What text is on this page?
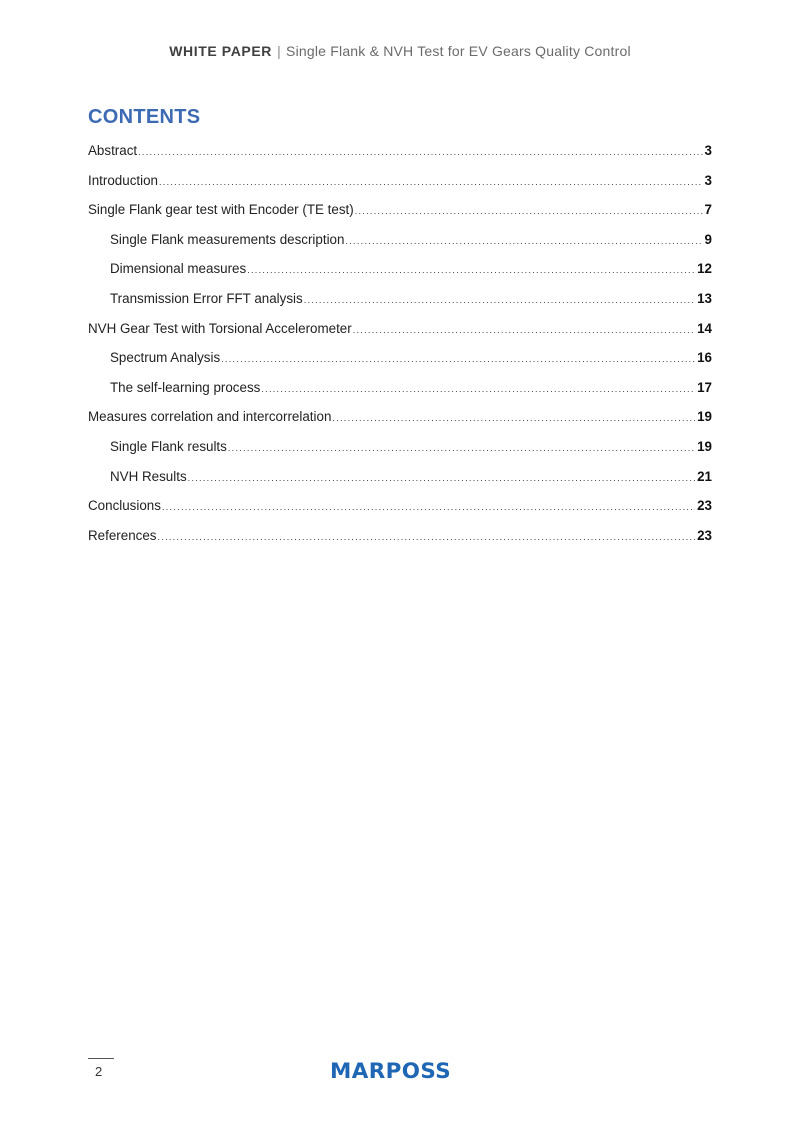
WHITE PAPER | Single Flank & NVH Test for EV Gears Quality Control
CONTENTS
Abstract .....	3
Introduction .....	3
Single Flank gear test with Encoder (TE test) .....	7
Single Flank measurements description .....	9
Dimensional measures .....	12
Transmission Error FFT analysis .....	13
NVH Gear Test with Torsional Accelerometer .....	14
Spectrum Analysis .....	16
The self-learning process .....	17
Measures correlation and intercorrelation .....	19
Single Flank results .....	19
NVH Results .....	21
Conclusions .....	23
References .....	23
2	MARPOSS
